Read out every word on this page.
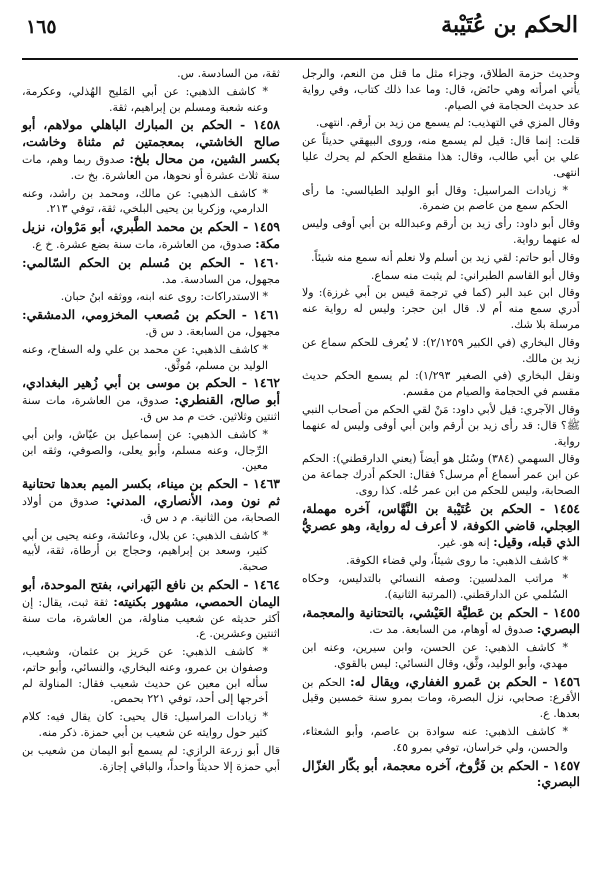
الحكم بن عُتَيْبة
١٦٥

وحديث حزمة الطلاق، وجزاء مثل ما قتل من النعم، والرجل يأتي امرأته وهي حائض، قال: وما عدا ذلك كتاب، وفي رواية عد حديث الحجامة في الصيام.

وقال المزي في التهذيب: لم يسمع من زيد بن أرقم. انتهى.

قلت: إنما قال: قيل لم يسمع منه، وروى البيهقي حديثاً عن علي بن أبي طالب، وقال: هذا منقطع الحكم لم يحرك عليا انتهى.

* زيادات المراسيل: وقال أبو الوليد الطيالسي: ما رأى الحكم سمع من عاصم بن ضمرة.

وقال أبو داود: رأى زيد بن أرقم وعبدالله بن أبي أوفى وليس له عنهما رواية.

وقال أبو حاتم: لقي زيد بن أسلم ولا نعلم أنه سمع منه شيئاً.

وقال أبو القاسم الطبراني: لم يثبت منه سماع.

وقال ابن عبد البر (كما في ترجمة قيس بن أبي غرزة): ولا أدري سمع منه أم لا. قال ابن حجر: وليس له رواية عنه مرسلة بلا شك.

وقال البخاري (في الكبير ٢/١٢٥٩): لا يُعرف للحكم سماع عن زيد بن مالك.

ونقل البخاري (في الصغير ١/٢٩٣): لم يسمع الحكم حديث مقسم في الحجامة والصيام من مقسم.

وقال الآجري: قيل لأبي داود: مَنْ لقي الحكم من أصحاب النبي ﷺ؟ قال: قد رأى زيد بن أرقم وابن أبي أوفى وليس له عنهما رواية.

وقال السهمي (٣٨٤) وسُئل هو أيضاً (يعني الدارقطني): الحكم عن ابن عمر أسماع أم مرسل؟ فقال: الحكم أدرك جماعة من الصحابة، وليس للحكم من ابن عمر حُله. كذا روى.

١٤٥٤ - الحكم بن عُتَيْبة بن النَّهَّاس، آخره مهملة، العِجلي، قاضي الكوفة، لا أعرف له رواية، وهو عصريُّ الذي قبله، وقيل: إنه هو. غير.

* كاشف الذهبي: ما روى شيئاً، ولي قضاء الكوفة.

* مراتب المدلسين: وصفه النسائي بالتدليس، وحكاه السُلمي عن الدارقطني. (المرتبة الثانية).

١٤٥٥ - الحكم بن عَطيَّة العَيْشي، بالتحتانية والمعجمة، البصري: صدوق له أوهام، من السابعة. مد ت.

* كاشف الذهبي: عن الحسن، وابن سيرين، وعنه ابن مهدي، وأبو الوليد، وثَّق، وقال النسائي: ليس بالقوي.

١٤٥٦ - الحكم بن عَمرو الغفاري، ويقال له: الحكم بن الأقرع: صحابي، نزل البصرة، ومات بمرو سنة خمسين وقيل بعدها. ع.

* كاشف الذهبي: عنه سوادة بن عاصم، وأبو الشعثاء، والحسن، ولي خراسان، توفي بمرو ٤٥.

١٤٥٧ - الحكم بن فَرُّوخ، آخره معجمة، أبو بكّار الغزّال البصري:

ثقة، من السادسة. س.

* كاشف الذهبي: عن أبي المَليح الهُذلي، وعكرمة، وعنه شعبة ومسلم بن إبراهيم، ثقة.

١٤٥٨ - الحكم بن المبارك الباهلي مولاهم، أبو صالح الخاشتي، بمعجمتين ثم مثناة وخاشت، بكسر الشين، من محال بلخ: صدوق ربما وهم، مات سنة ثلاث عشرة أو نحوها، من العاشرة. بخ ت.

* كاشف الذهبي: عن مالك، ومحمد بن راشد، وعنه الدارمي، وزكريا بن يحيى البلخي، ثقة، توفي ٢١٣.

١٤٥٩ - الحكم بن محمد الطَّبري، أبو مَرْوان، نزيل مكة: صدوق، من العاشرة، مات سنة بضع عشرة. خ ع.

١٤٦٠ - الحكم بن مُسلم بن الحكم السّالمي: مجهول، من السادسة. مد.

* الاستدراكات: روى عنه ابنه، ووثقه ابنُ حبان.

١٤٦١ - الحكم بن مُصعب المخزومي، الدمشقي: مجهول، من السابعة. د س ق.

* كاشف الذهبي: عن محمد بن علي وله السفاح، وعنه الوليد بن مسلم، مُوثَّق.

١٤٦٢ - الحكم بن موسى بن أبي زُهير البغدادي، أبو صالح، القنطري: صدوق، من العاشرة، مات سنة اثنتين وثلاثين. خت م مد س ق.

* كاشف الذهبي: عن إسماعيل بن عيّاش، وابن أبي الرِّجال، وعنه مسلم، وأبو يعلى، والصوفي، وثقه ابن معين.

١٤٦٣ - الحكم بن ميناء، بكسر الميم بعدها تحتانية ثم نون ومد، الأنصاري، المدني: صدوق من أولاد الصحابة، من الثانية. م د س ق.

* كاشف الذهبي: عن بلال، وعائشة، وعنه يحيى بن أبي كثير، وسعد بن إبراهيم، وحجاج بن أرطاة، ثقة، لأبيه صحبة.

١٤٦٤ - الحكم بن نافع البَهراني، بفتح الموحدة، أبو اليمان الحمصي، مشهور بكنيته: ثقة ثبت، يقال: إن أكثر حديثه عن شعيب مناولة، من العاشرة، مات سنة اثنتين وعشرين. ع.

* كاشف الذهبي: عن حَريز بن عثمان، وشعيب، وصفوان بن عمرو، وعنه البخاري، والنسائي، وأبو حاتم، سأله ابن معين عن حديث شعيب فقال: المناولة لم أخرجها إلى أحد، توفي ٢٢١ بحمص.

* زيادات المراسيل: قال يحيى: كان يقال فيه: كلام كثير حول روايته عن شعيب بن أبي حمزة. ذكر منه.

قال أبو زرعة الرازي: لم يسمع أبو اليمان من شعيب بن أبي حمزة إلا حديثاً واحداً، والباقي إجازة.
